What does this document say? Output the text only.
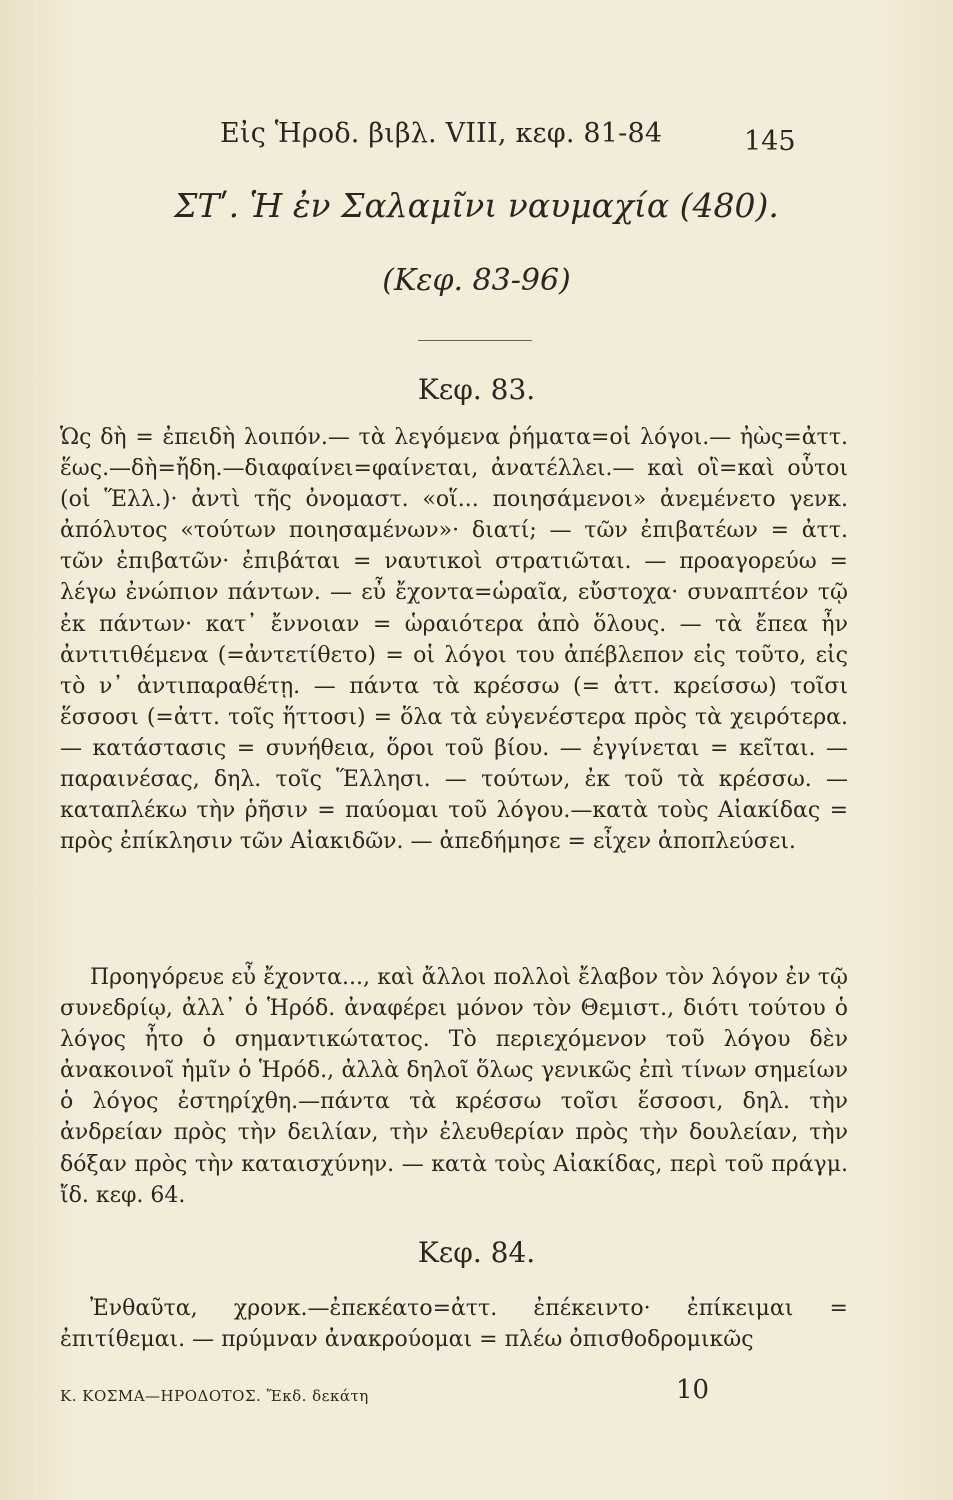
Εἰς Ἡροδ. βιβλ. VIII, κεφ. 81-84	145
ΣΤʹ. Ἡ ἐν Σαλαμῖνι ναυμαχία (480).
(Κεφ. 83-96)
Κεφ. 83.

Ὡς δὴ = ἐπειδὴ λοιπόν.— τὰ λεγόμενα ῥήματα=οἱ λόγοι.— ἠὼς=ἀττ. ἕως.—δὴ=ἤδη.—διαφαίνει=φαίνεται, ἀνατέλλει.— καὶ οἳ=καὶ οὗτοι (οἱ Ἕλλ.)· ἀντὶ τῆς ὀνομαστ. «οἵ... ποιησάμενοι» ἀνεμένετο γενκ. ἀπόλυτος «τούτων ποιησαμένων»· διατί; — τῶν ἐπιβατέων = ἀττ. τῶν ἐπιβατῶν· ἐπιβάται = ναυτικοὶ στρατιῶται. — προαγορεύω = λέγω ἐνώπιον πάντων. — εὖ ἔχοντα=ὡραῖα, εὔστοχα· συναπτέον τῷ ἐκ πάντων· κατ᾽ ἔννοιαν = ὡραιότερα ἀπὸ ὅλους. — τὰ ἔπεα ἦν ἀντιτιθέμενα (=ἀντετίθετο) = οἱ λόγοι του ἀπέβλεπον εἰς τοῦτο, εἰς τὸ ν᾽ ἀντιπαραθέτῃ. — πάντα τὰ κρέσσω (= ἀττ. κρείσσω) τοῖσι ἕσσοσι (=ἀττ. τοῖς ἥττοσι) = ὅλα τὰ εὐγενέστερα πρὸς τὰ χειρότερα.— κατάστασις = συνήθεια, ὅροι τοῦ βίου. — ἐγγίνεται = κεῖται. — παραινέσας, δηλ. τοῖς Ἕλλησι. — τούτων, ἐκ τοῦ τὰ κρέσσω. — καταπλέκω τὴν ῥῆσιν = παύομαι τοῦ λόγου.—κατὰ τοὺς Αἰακίδας = πρὸς ἐπίκλησιν τῶν Αἰακιδῶν. — ἀπεδήμησε = εἶχεν ἀποπλεύσει.

Προηγόρευε εὖ ἔχοντα..., καὶ ἄλλοι πολλοὶ ἔλαβον τὸν λόγον ἐν τῷ συνεδρίῳ, ἀλλ᾽ ὁ Ἡρόδ. ἀναφέρει μόνον τὸν Θεμιστ., διότι τούτου ὁ λόγος ἦτο ὁ σημαντικώτατος. Τὸ περιεχόμενον τοῦ λόγου δὲν ἀνακοινοῖ ἡμῖν ὁ Ἡρόδ., ἀλλὰ δηλοῖ ὅλως γενικῶς ἐπὶ τίνων σημείων ὁ λόγος ἐστηρίχθη.—πάντα τὰ κρέσσω τοῖσι ἕσσοσι, δηλ. τὴν ἀνδρείαν πρὸς τὴν δειλίαν, τὴν ἐλευθερίαν πρὸς τὴν δουλείαν, τὴν δόξαν πρὸς τὴν καταισχύνην. — κατὰ τοὺς Αἰακίδας, περὶ τοῦ πράγμ. ἴδ. κεφ. 64.

Κεφ. 84.

Ἐνθαῦτα, χρονκ.—ἐπεκέατο=ἀττ. ἐπέκειντο· ἐπίκειμαι = ἐπιτίθεμαι. — πρύμναν ἀνακρούομαι = πλέω ὀπισθοδρομικῶς

Κ. ΚΟΣΜΑ—ΗΡΟΔΟΤΟΣ. Ἔκδ. δεκάτη	10
